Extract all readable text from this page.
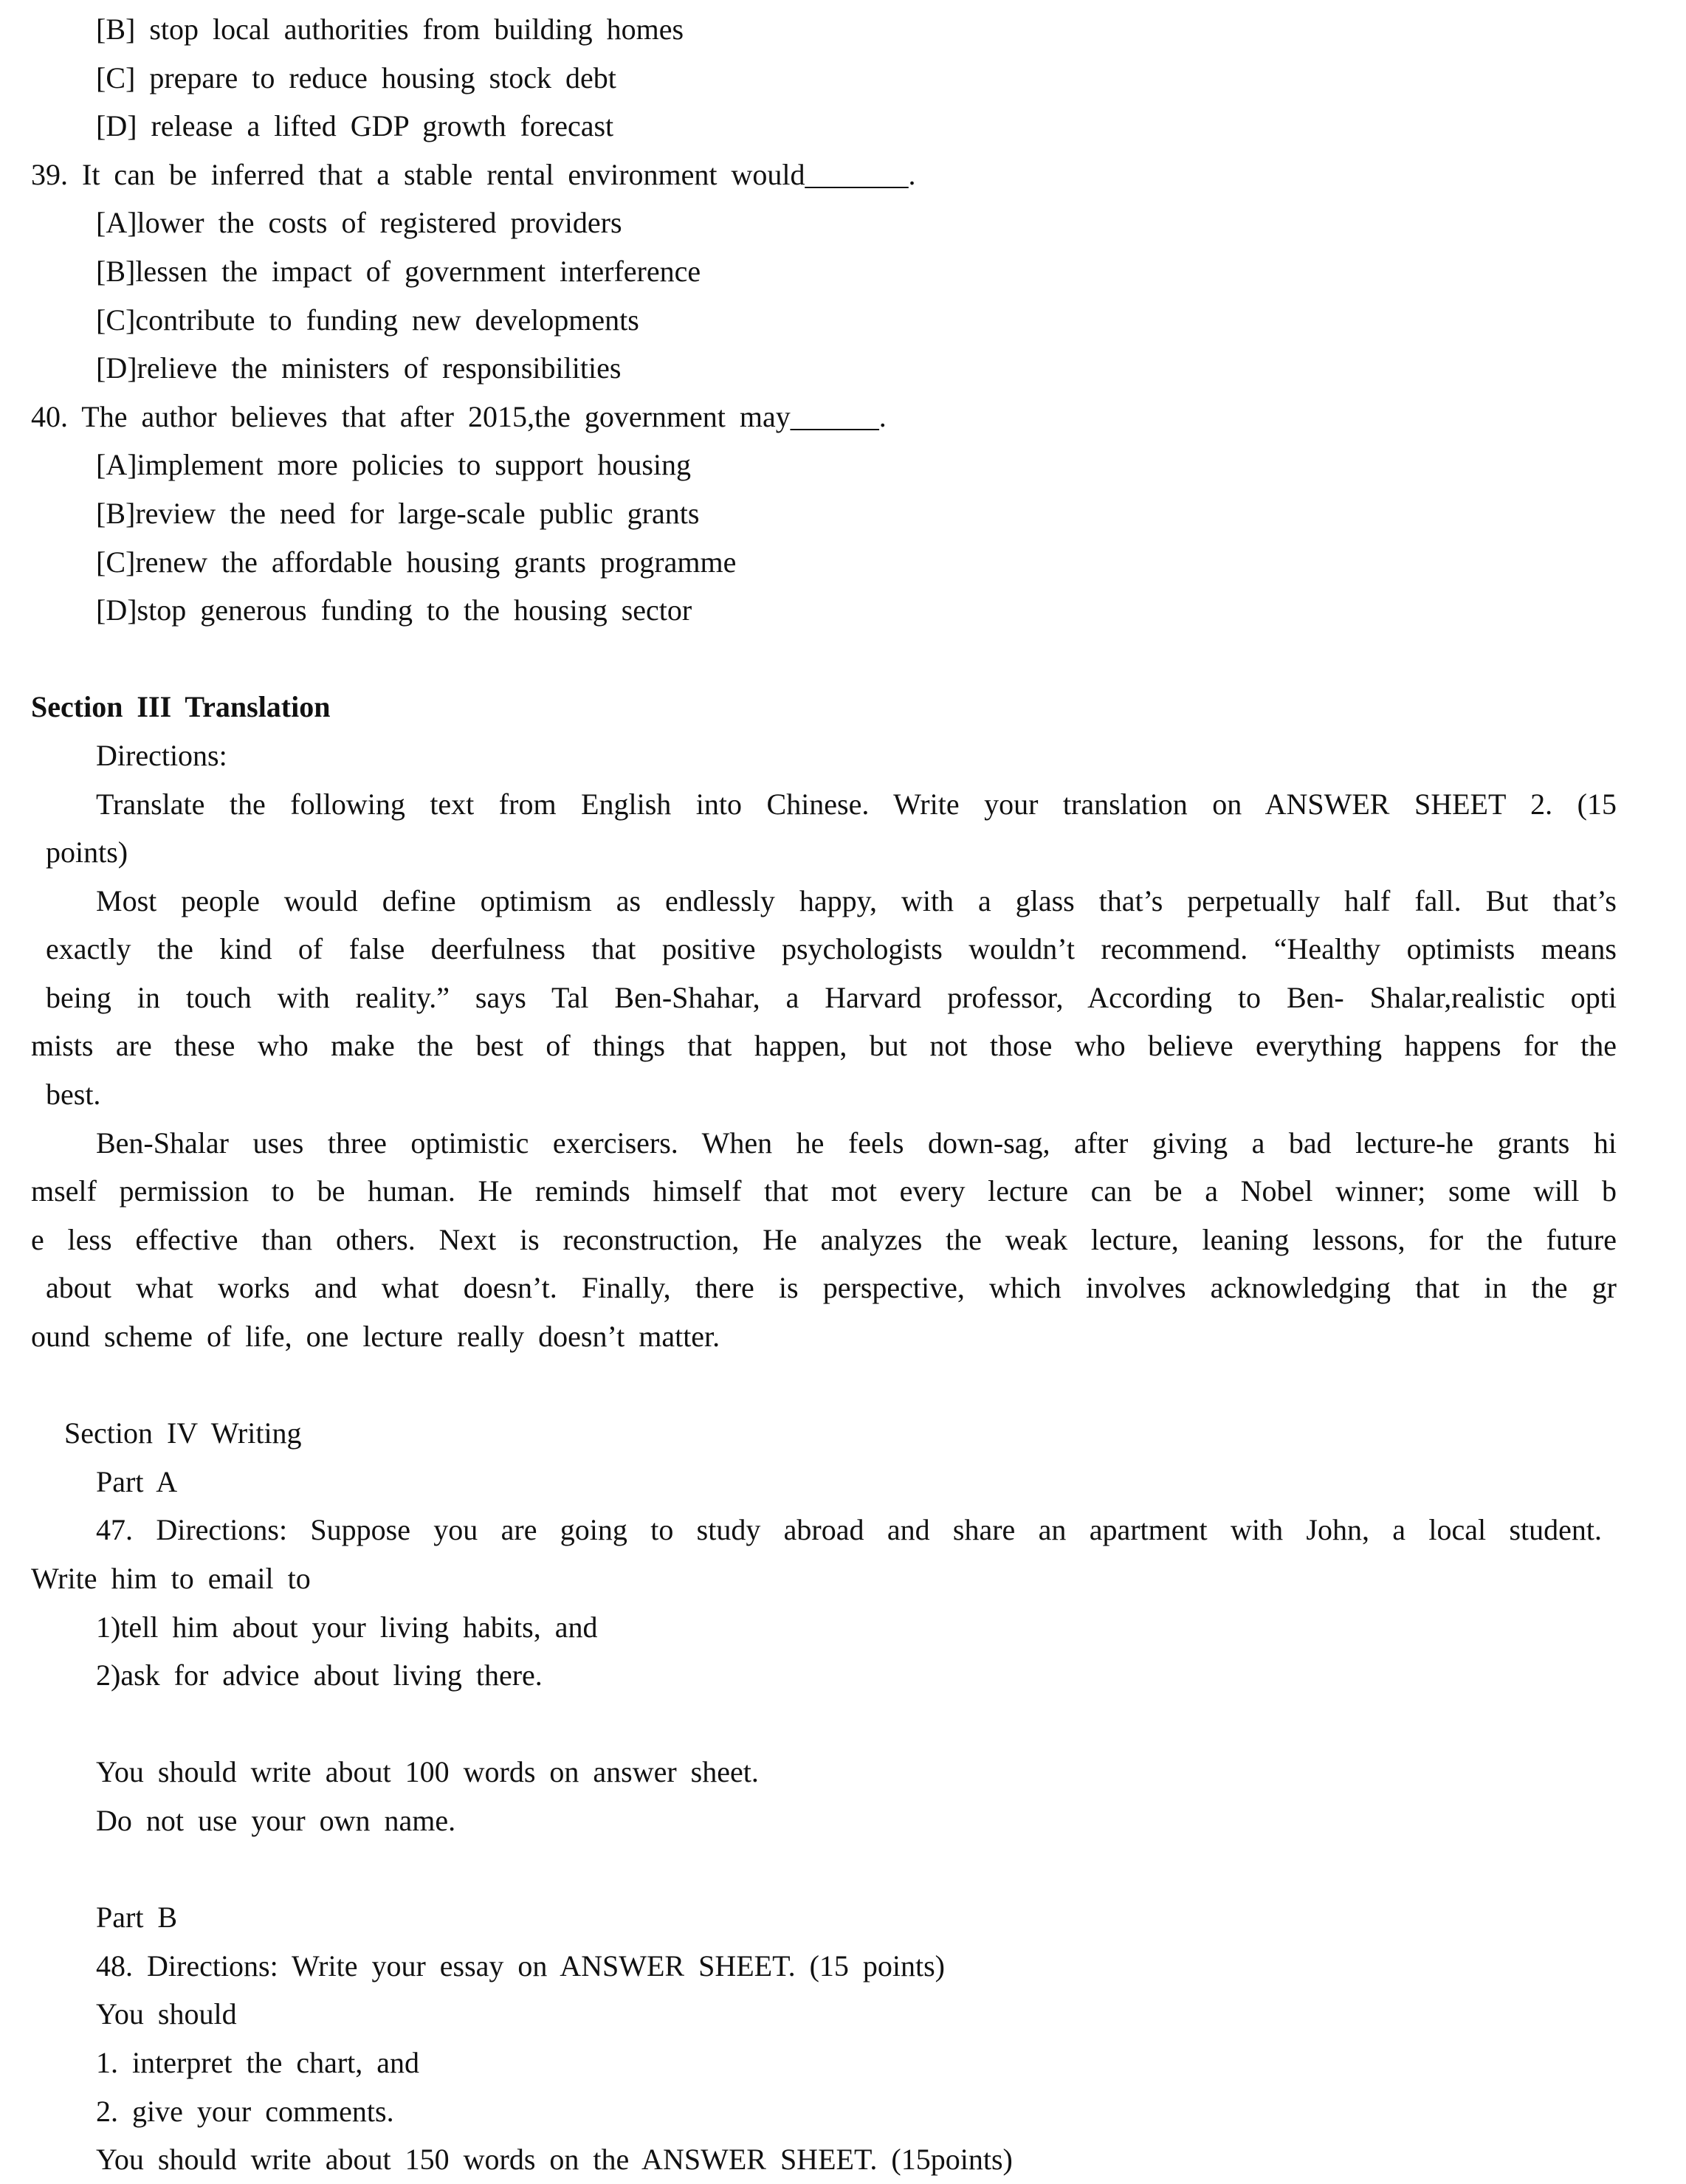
[B] stop local authorities from building homes
[C] prepare to reduce housing stock debt
[D] release a lifted GDP growth forecast
39. It can be inferred that a stable rental environment would_______.
[A]lower the costs of registered providers
[B]lessen the impact of government interference
[C]contribute to funding new developments
[D]relieve the ministers of responsibilities
40. The author believes that after 2015,the government may______.
[A]implement more policies to support housing
[B]review the need for large-scale public grants
[C]renew the affordable housing grants programme
[D]stop generous funding to the housing sector
Section III Translation
Directions:
Translate the following text from English into Chinese. Write your translation on ANSWER SHEET 2. (15
points)
Most people would define optimism as endlessly happy, with a glass that’s perpetually half fall. But that’s
exactly the kind of false deerfulness that positive psychologists wouldn’t recommend. “Healthy optimists means
being in touch with reality.” says Tal Ben-Shahar, a Harvard professor, According to Ben- Shalar,realistic opti
mists are these who make the best of things that happen, but not those who believe everything happens for the
best.
Ben-Shalar uses three optimistic exercisers. When he feels down-sag, after giving a bad lecture-he grants hi
mself permission to be human. He reminds himself that mot every lecture can be a Nobel winner; some will b
e less effective than others. Next is reconstruction, He analyzes the weak lecture, leaning lessons, for the future
about what works and what doesn’t. Finally, there is perspective, which involves acknowledging that in the gr
ound scheme of life, one lecture really doesn’t matter.
Section IV Writing
Part A
47. Directions: Suppose you are going to study abroad and share an apartment with John, a local student.
Write him to email to
1)tell him about your living habits, and
2)ask for advice about living there.
You should write about 100 words on answer sheet.
Do not use your own name.
Part B
48. Directions: Write your essay on ANSWER SHEET. (15 points)
You should
1. interpret the chart, and
2. give your comments.
You should write about 150 words on the ANSWER SHEET. (15points)
